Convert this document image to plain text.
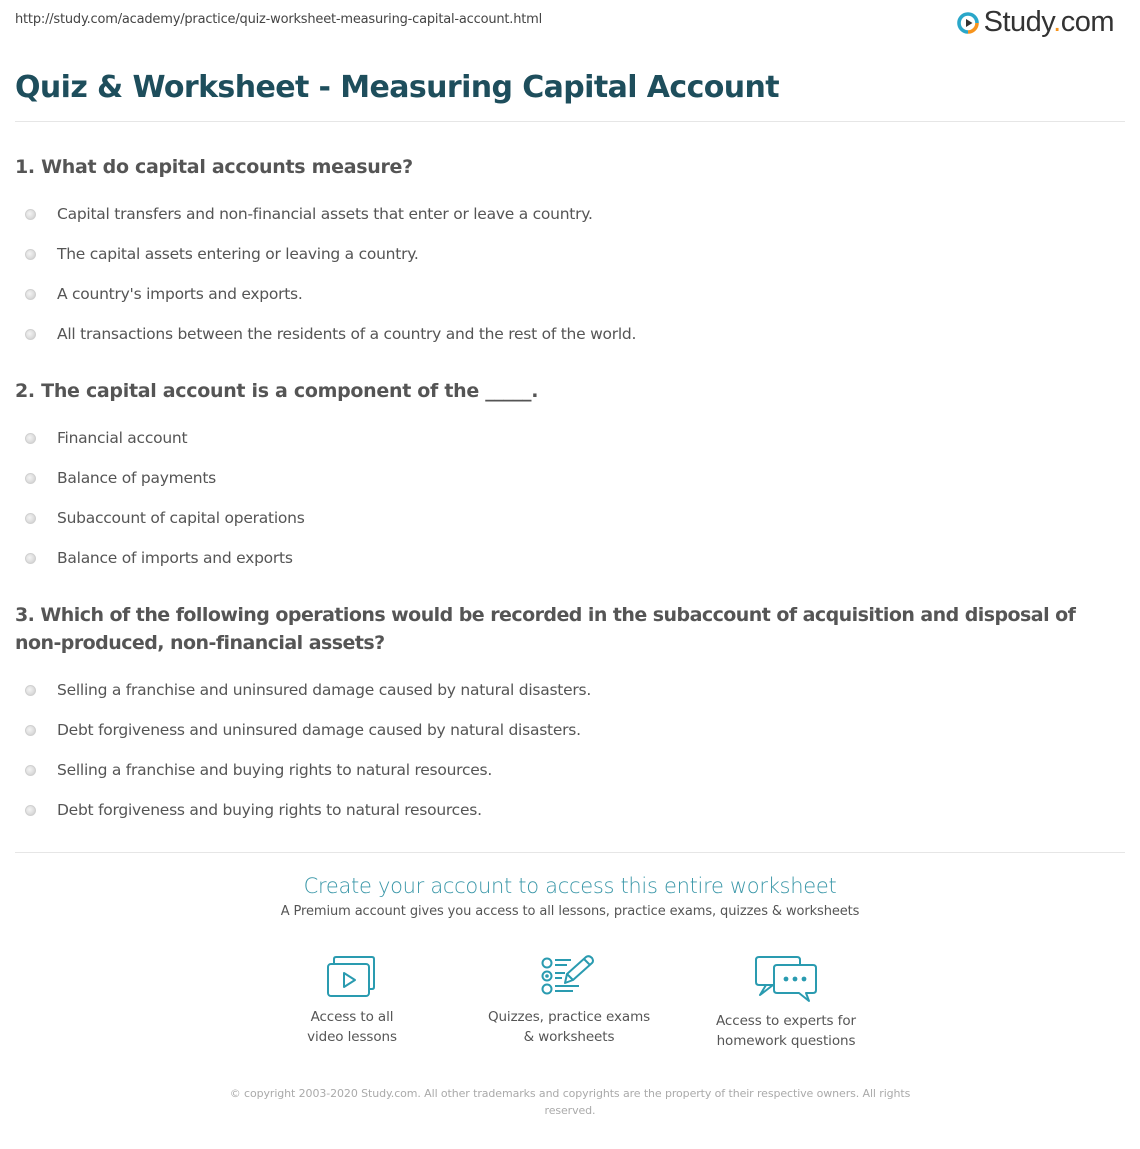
http://study.com/academy/practice/quiz-worksheet-measuring-capital-account.html	Study.com
Quiz & Worksheet - Measuring Capital Account
1. What do capital accounts measure?
Capital transfers and non-financial assets that enter or leave a country.
The capital assets entering or leaving a country.
A country's imports and exports.
All transactions between the residents of a country and the rest of the world.
2. The capital account is a component of the _____.
Financial account
Balance of payments
Subaccount of capital operations
Balance of imports and exports
3. Which of the following operations would be recorded in the subaccount of acquisition and disposal of non-produced, non-financial assets?
Selling a franchise and uninsured damage caused by natural disasters.
Debt forgiveness and uninsured damage caused by natural disasters.
Selling a franchise and buying rights to natural resources.
Debt forgiveness and buying rights to natural resources.
Create your account to access this entire worksheet
A Premium account gives you access to all lessons, practice exams, quizzes & worksheets
Access to all
video lessons
Quizzes, practice exams
& worksheets
Access to experts for
homework questions
© copyright 2003-2020 Study.com. All other trademarks and copyrights are the property of their respective owners. All rights reserved.
